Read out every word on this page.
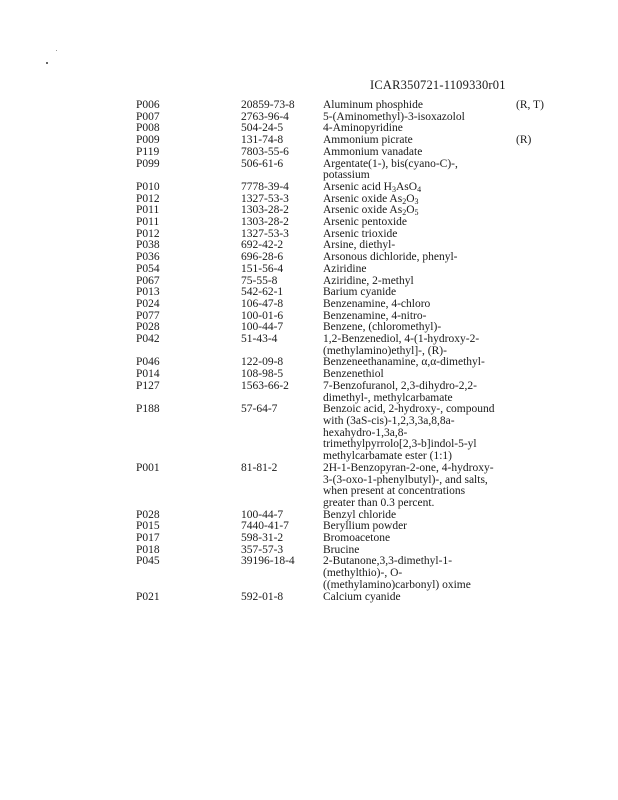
ICAR350721-1109330r01
P006	20859-73-8	Aluminum phosphide	(R, T)
P007	2763-96-4	5-(Aminomethyl)-3-isoxazolol	

P008	504-24-5	4-Aminopyridine	

P009	131-74-8	Ammonium picrate	(R)
P119	7803-55-6	Ammonium vanadate	

P099	506-61-6	Argentate(1-), bis(cyano-C)-,
potassium	

P010	7778-39-4	Arsenic acid $H_3AsO_4$

P012	1327-53-3	Arsenic oxide $As_2O_3$

P011	1303-28-2	Arsenic oxide $As_2O_5$

P011	1303-28-2	Arsenic pentoxide	

P012	1327-53-3	Arsenic trioxide	

P038	692-42-2	Arsine, diethyl-	

P036	696-28-6	Arsonous dichloride, phenyl-	

P054	151-56-4	Aziridine	

P067	75-55-8	Aziridine, 2-methyl	

P013	542-62-1	Barium cyanide	

P024	106-47-8	Benzenamine, 4-chloro	

P077	100-01-6	Benzenamine, 4-nitro-	

P028	100-44-7	Benzene, (chloromethyl)-	

P042	51-43-4	1,2-Benzenediol, 4-(1-hydroxy-2-
(methylamino)ethyl]-, (R)-	

P046	122-09-8	Benzeneethanamine, α,α-dimethyl-	

P014	108-98-5	Benzenethiol	

P127	1563-66-2	7-Benzofuranol, 2,3-dihydro-2,2-
dimethyl-, methylcarbamate	

P188	57-64-7	Benzoic acid, 2-hydroxy-, compound
with (3aS-cis)-1,2,3,3a,8,8a-
hexahydro-1,3a,8-
trimethylpyrrolo[2,3-b]indol-5-yl
methylcarbamate ester (1:1)	

P001	81-81-2	2H-1-Benzopyran-2-one, 4-hydroxy-
3-(3-oxo-1-phenylbutyl)-, and salts,
when present at concentrations
greater than 0.3 percent.	

P028	100-44-7	Benzyl chloride	

P015	7440-41-7	Beryllium powder	

P017	598-31-2	Bromoacetone	

P018	357-57-3	Brucine	

P045	39196-18-4	2-Butanone,3,3-dimethyl-1-
(methylthio)-, O-
((methylamino)carbonyl) oxime	

P021	592-01-8	Calcium cyanide	
